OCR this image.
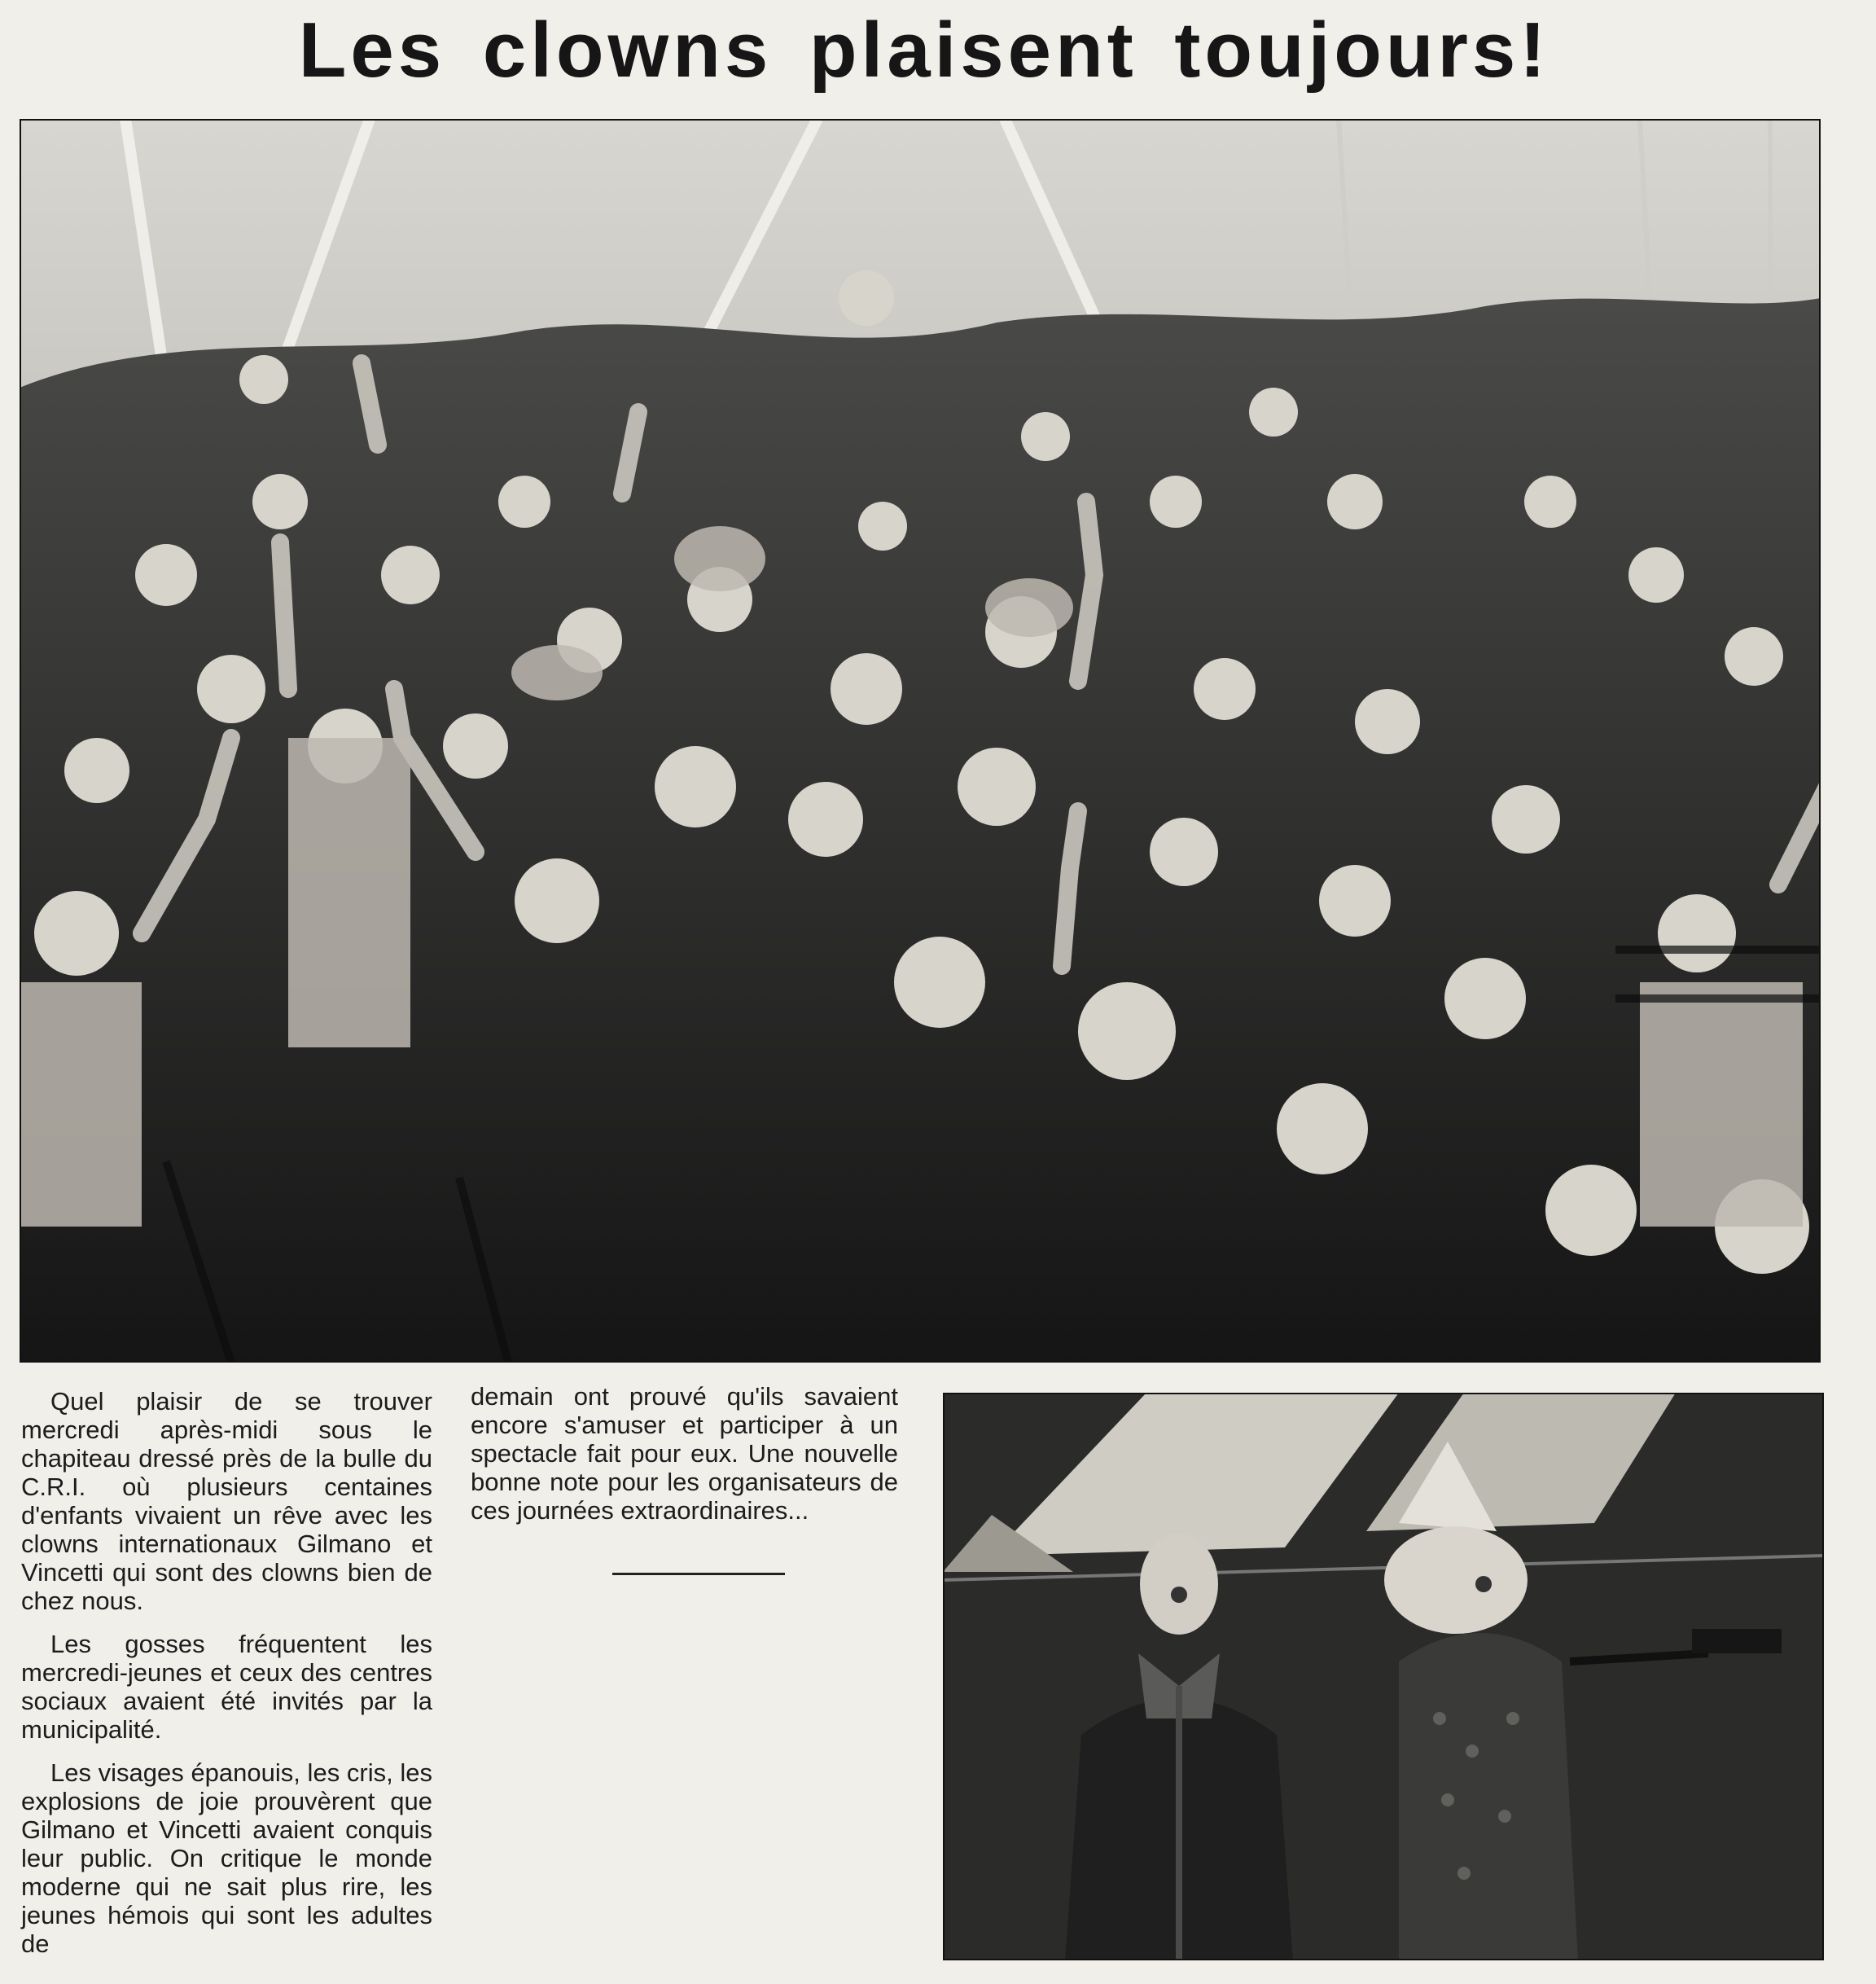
Les clowns plaisent toujours!

Quel plaisir de se trouver mercredi après-midi sous le chapiteau dressé près de la bulle du C.R.I. où plusieurs centaines d'enfants vivaient un rêve avec les clowns internationaux Gilmano et Vincetti qui sont des clowns bien de chez nous.

Les gosses fréquentent les mercredi-jeunes et ceux des centres sociaux avaient été invités par la municipalité.

Les visages épanouis, les cris, les explosions de joie prouvèrent que Gilmano et Vincetti avaient conquis leur public. On critique le monde moderne qui ne sait plus rire, les jeunes hémois qui sont les adultes de

demain ont prouvé qu'ils savaient encore s'amuser et participer à un spectacle fait pour eux. Une nouvelle bonne note pour les organisateurs de ces journées extraordinaires...
